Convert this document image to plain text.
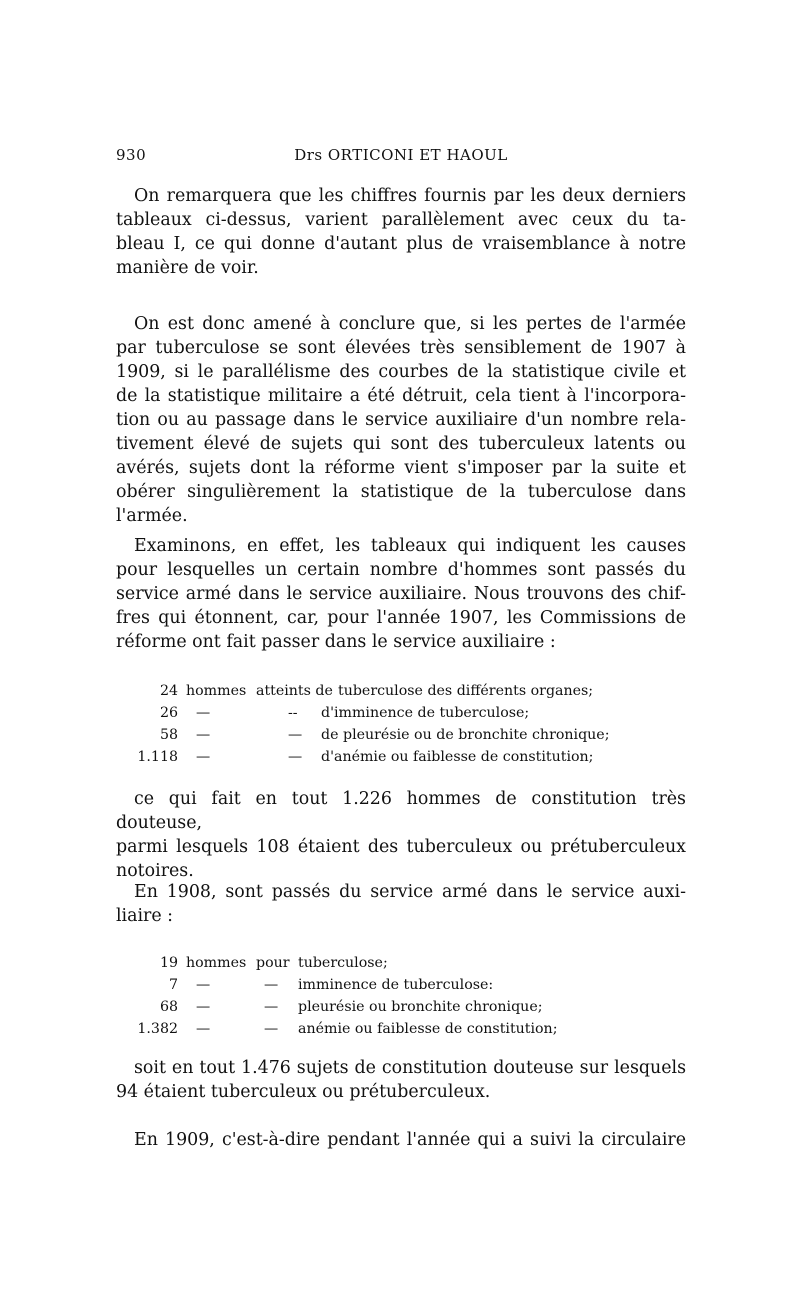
930	Drs ORTICONI ET HAOUL
On remarquera que les chiffres fournis par les deux derniers
tableaux ci-dessus, varient parallèlement avec ceux du ta-
bleau I, ce qui donne d'autant plus de vraisemblance à notre
manière de voir.
On est donc amené à conclure que, si les pertes de l'armée
par tuberculose se sont élevées très sensiblement de 1907 à
1909, si le parallélisme des courbes de la statistique civile et
de la statistique militaire a été détruit, cela tient à l'incorpora-
tion ou au passage dans le service auxiliaire d'un nombre rela-
tivement élevé de sujets qui sont des tuberculeux latents ou
avérés, sujets dont la réforme vient s'imposer par la suite et
obérer singulièrement la statistique de la tuberculose dans
l'armée.
Examinons, en effet, les tableaux qui indiquent les causes
pour lesquelles un certain nombre d'hommes sont passés du
service armé dans le service auxiliaire. Nous trouvons des chif-
fres qui étonnent, car, pour l'année 1907, les Commissions de
réforme ont fait passer dans le service auxiliaire :
24 hommes atteints de tuberculose des différents organes;
26 —	-- d'imminence de tuberculose;
58 —	— de pleurésie ou de bronchite chronique;
1.118 —	— d'anémie ou faiblesse de constitution;
ce qui fait en tout 1.226 hommes de constitution très douteuse,
parmi lesquels 108 étaient des tuberculeux ou prétuberculeux
notoires.
En 1908, sont passés du service armé dans le service auxi-
liaire :
19 hommes pour tuberculose;
7 —	— imminence de tuberculose:
68 —	— pleurésie ou bronchite chronique;
1.382 —	— anémie ou faiblesse de constitution;
soit en tout 1.476 sujets de constitution douteuse sur lesquels
94 étaient tuberculeux ou prétuberculeux.
En 1909, c'est-à-dire pendant l'année qui a suivi la circulaire
